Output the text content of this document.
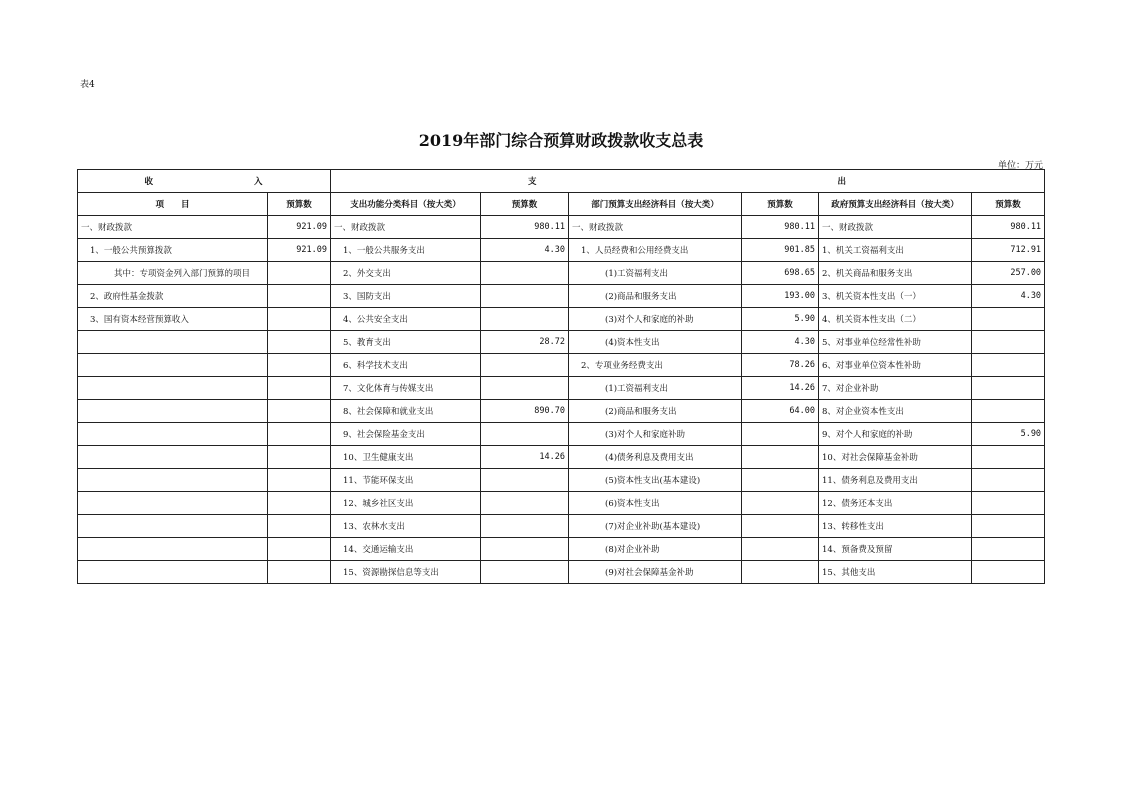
表4
2019年部门综合预算财政拨款收支总表
单位：万元
收 入		支 出					
项　　目	预算数	支出功能分类科目（按大类）	预算数	部门预算支出经济科目（按大类）	预算数	政府预算支出经济科目（按大类）	预算数
一、财政拨款	921.09	一、财政拨款	980.11	一、财政拨款	980.11	一、财政拨款	980.11
1、一般公共预算拨款	921.09	1、一般公共服务支出	4.30	1、人员经费和公用经费支出	901.85	1、机关工资福利支出	712.91
其中：专项资金列入部门预算的项目		2、外交支出		(1)工资福利支出	698.65	2、机关商品和服务支出	257.00
2、政府性基金拨款		3、国防支出		(2)商品和服务支出	193.00	3、机关资本性支出（一）	4.30
3、国有资本经营预算收入		4、公共安全支出		(3)对个人和家庭的补助	5.90	4、机关资本性支出（二）	
		5、教育支出	28.72	(4)资本性支出	4.30	5、对事业单位经常性补助	
		6、科学技术支出		2、专项业务经费支出	78.26	6、对事业单位资本性补助	
		7、文化体育与传媒支出		(1)工资福利支出	14.26	7、对企业补助	
		8、社会保障和就业支出	890.70	(2)商品和服务支出	64.00	8、对企业资本性支出	
		9、社会保险基金支出		(3)对个人和家庭补助		9、对个人和家庭的补助	5.90
		10、卫生健康支出	14.26	(4)债务利息及费用支出		10、对社会保障基金补助	
		11、节能环保支出		(5)资本性支出(基本建设)		11、债务利息及费用支出	
		12、城乡社区支出		(6)资本性支出		12、债务还本支出	
		13、农林水支出		(7)对企业补助(基本建设)		13、转移性支出	
		14、交通运输支出		(8)对企业补助		14、预备费及预留	
		15、资源勘探信息等支出		(9)对社会保障基金补助		15、其他支出	
